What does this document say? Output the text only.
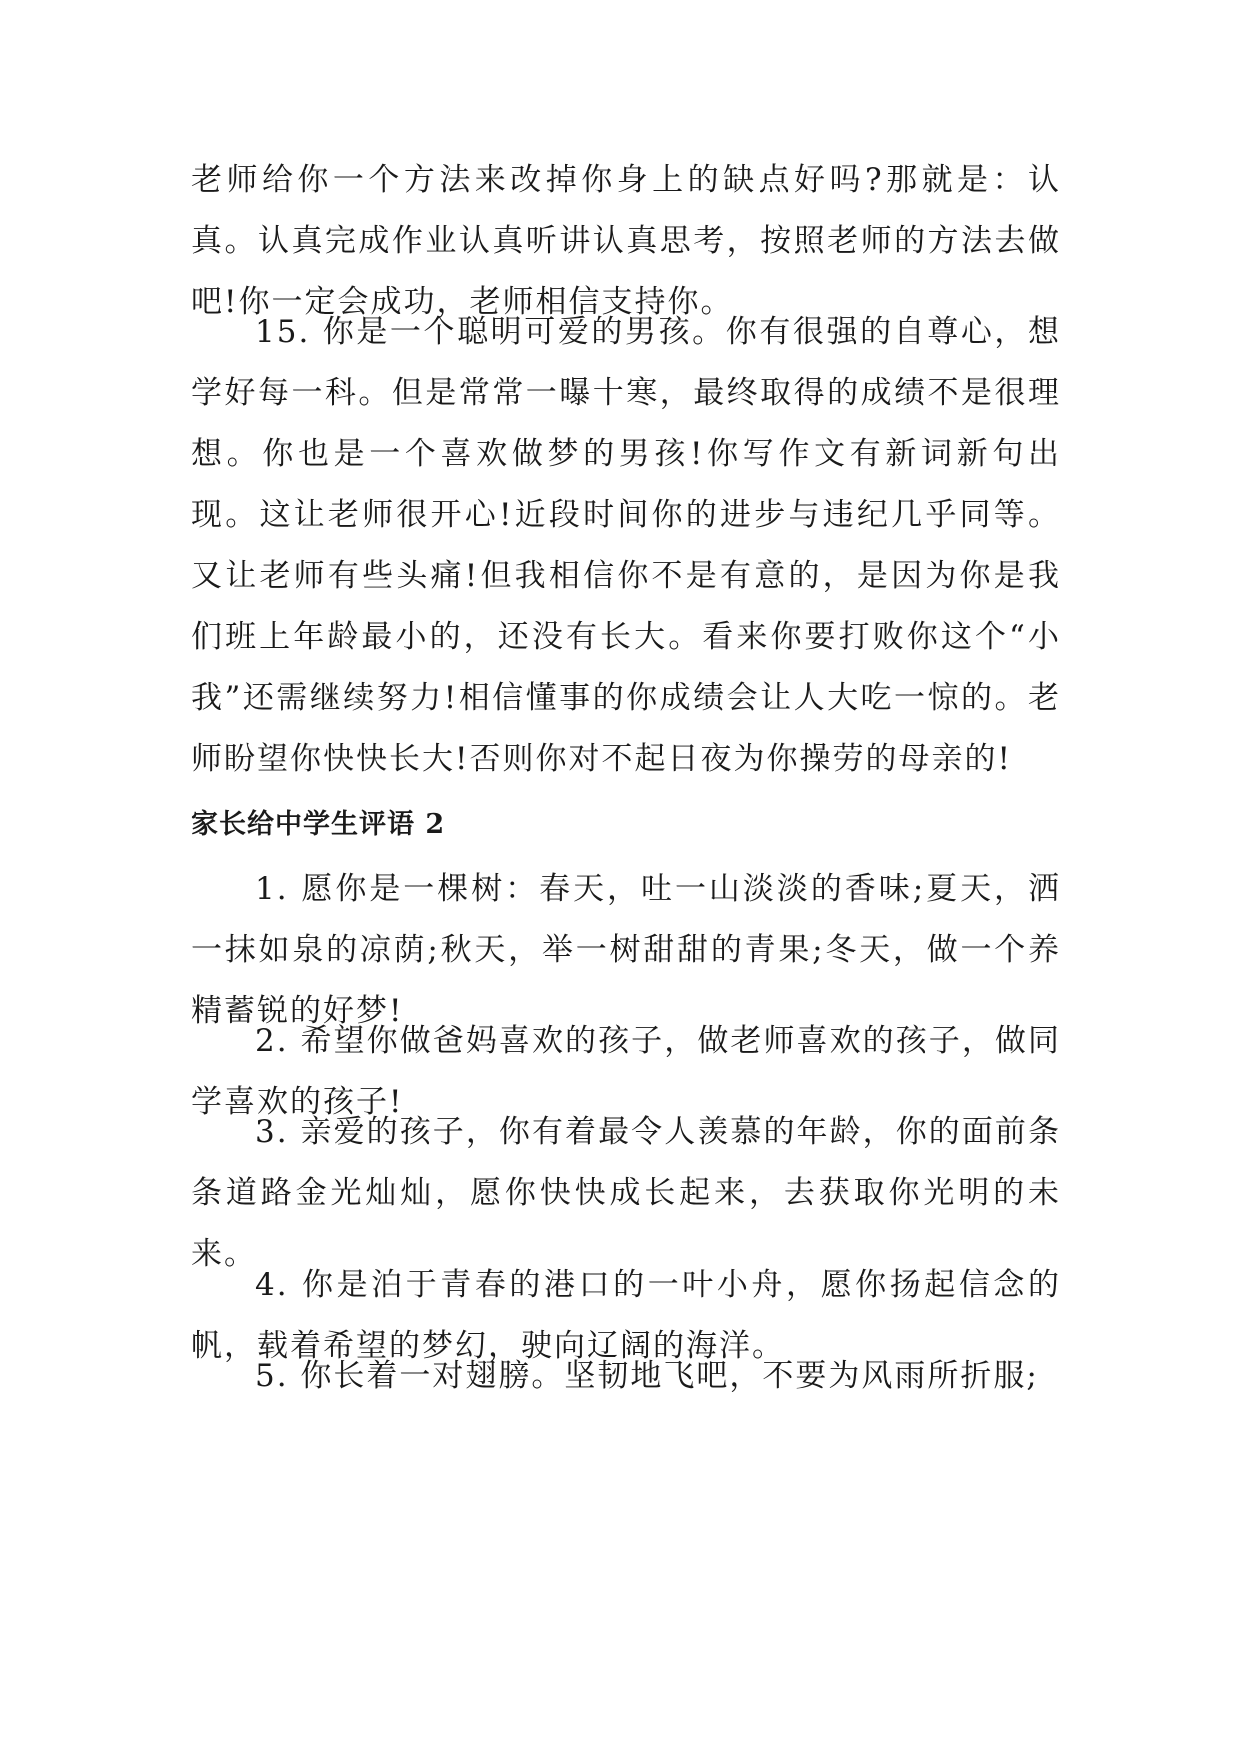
老师给你一个方法来改掉你身上的缺点好吗?那就是：认真。认真完成作业认真听讲认真思考，按照老师的方法去做吧!你一定会成功，老师相信支持你。

15. 你是一个聪明可爱的男孩。你有很强的自尊心，想学好每一科。但是常常一曝十寒，最终取得的成绩不是很理想。你也是一个喜欢做梦的男孩!你写作文有新词新句出现。这让老师很开心!近段时间你的进步与违纪几乎同等。又让老师有些头痛!但我相信你不是有意的，是因为你是我们班上年龄最小的，还没有长大。看来你要打败你这个“小我”还需继续努力!相信懂事的你成绩会让人大吃一惊的。老师盼望你快快长大!否则你对不起日夜为你操劳的母亲的!

家长给中学生评语 2

1. 愿你是一棵树：春天，吐一山淡淡的香味;夏天，洒一抹如泉的凉荫;秋天，举一树甜甜的青果;冬天，做一个养精蓄锐的好梦!

2. 希望你做爸妈喜欢的孩子，做老师喜欢的孩子，做同学喜欢的孩子!

3. 亲爱的孩子，你有着最令人羡慕的年龄，你的面前条条道路金光灿灿，愿你快快成长起来，去获取你光明的未来。

4. 你是泊于青春的港口的一叶小舟，愿你扬起信念的帆，载着希望的梦幻，驶向辽阔的海洋。

5. 你长着一对翅膀。坚韧地飞吧，不要为风雨所折服;
